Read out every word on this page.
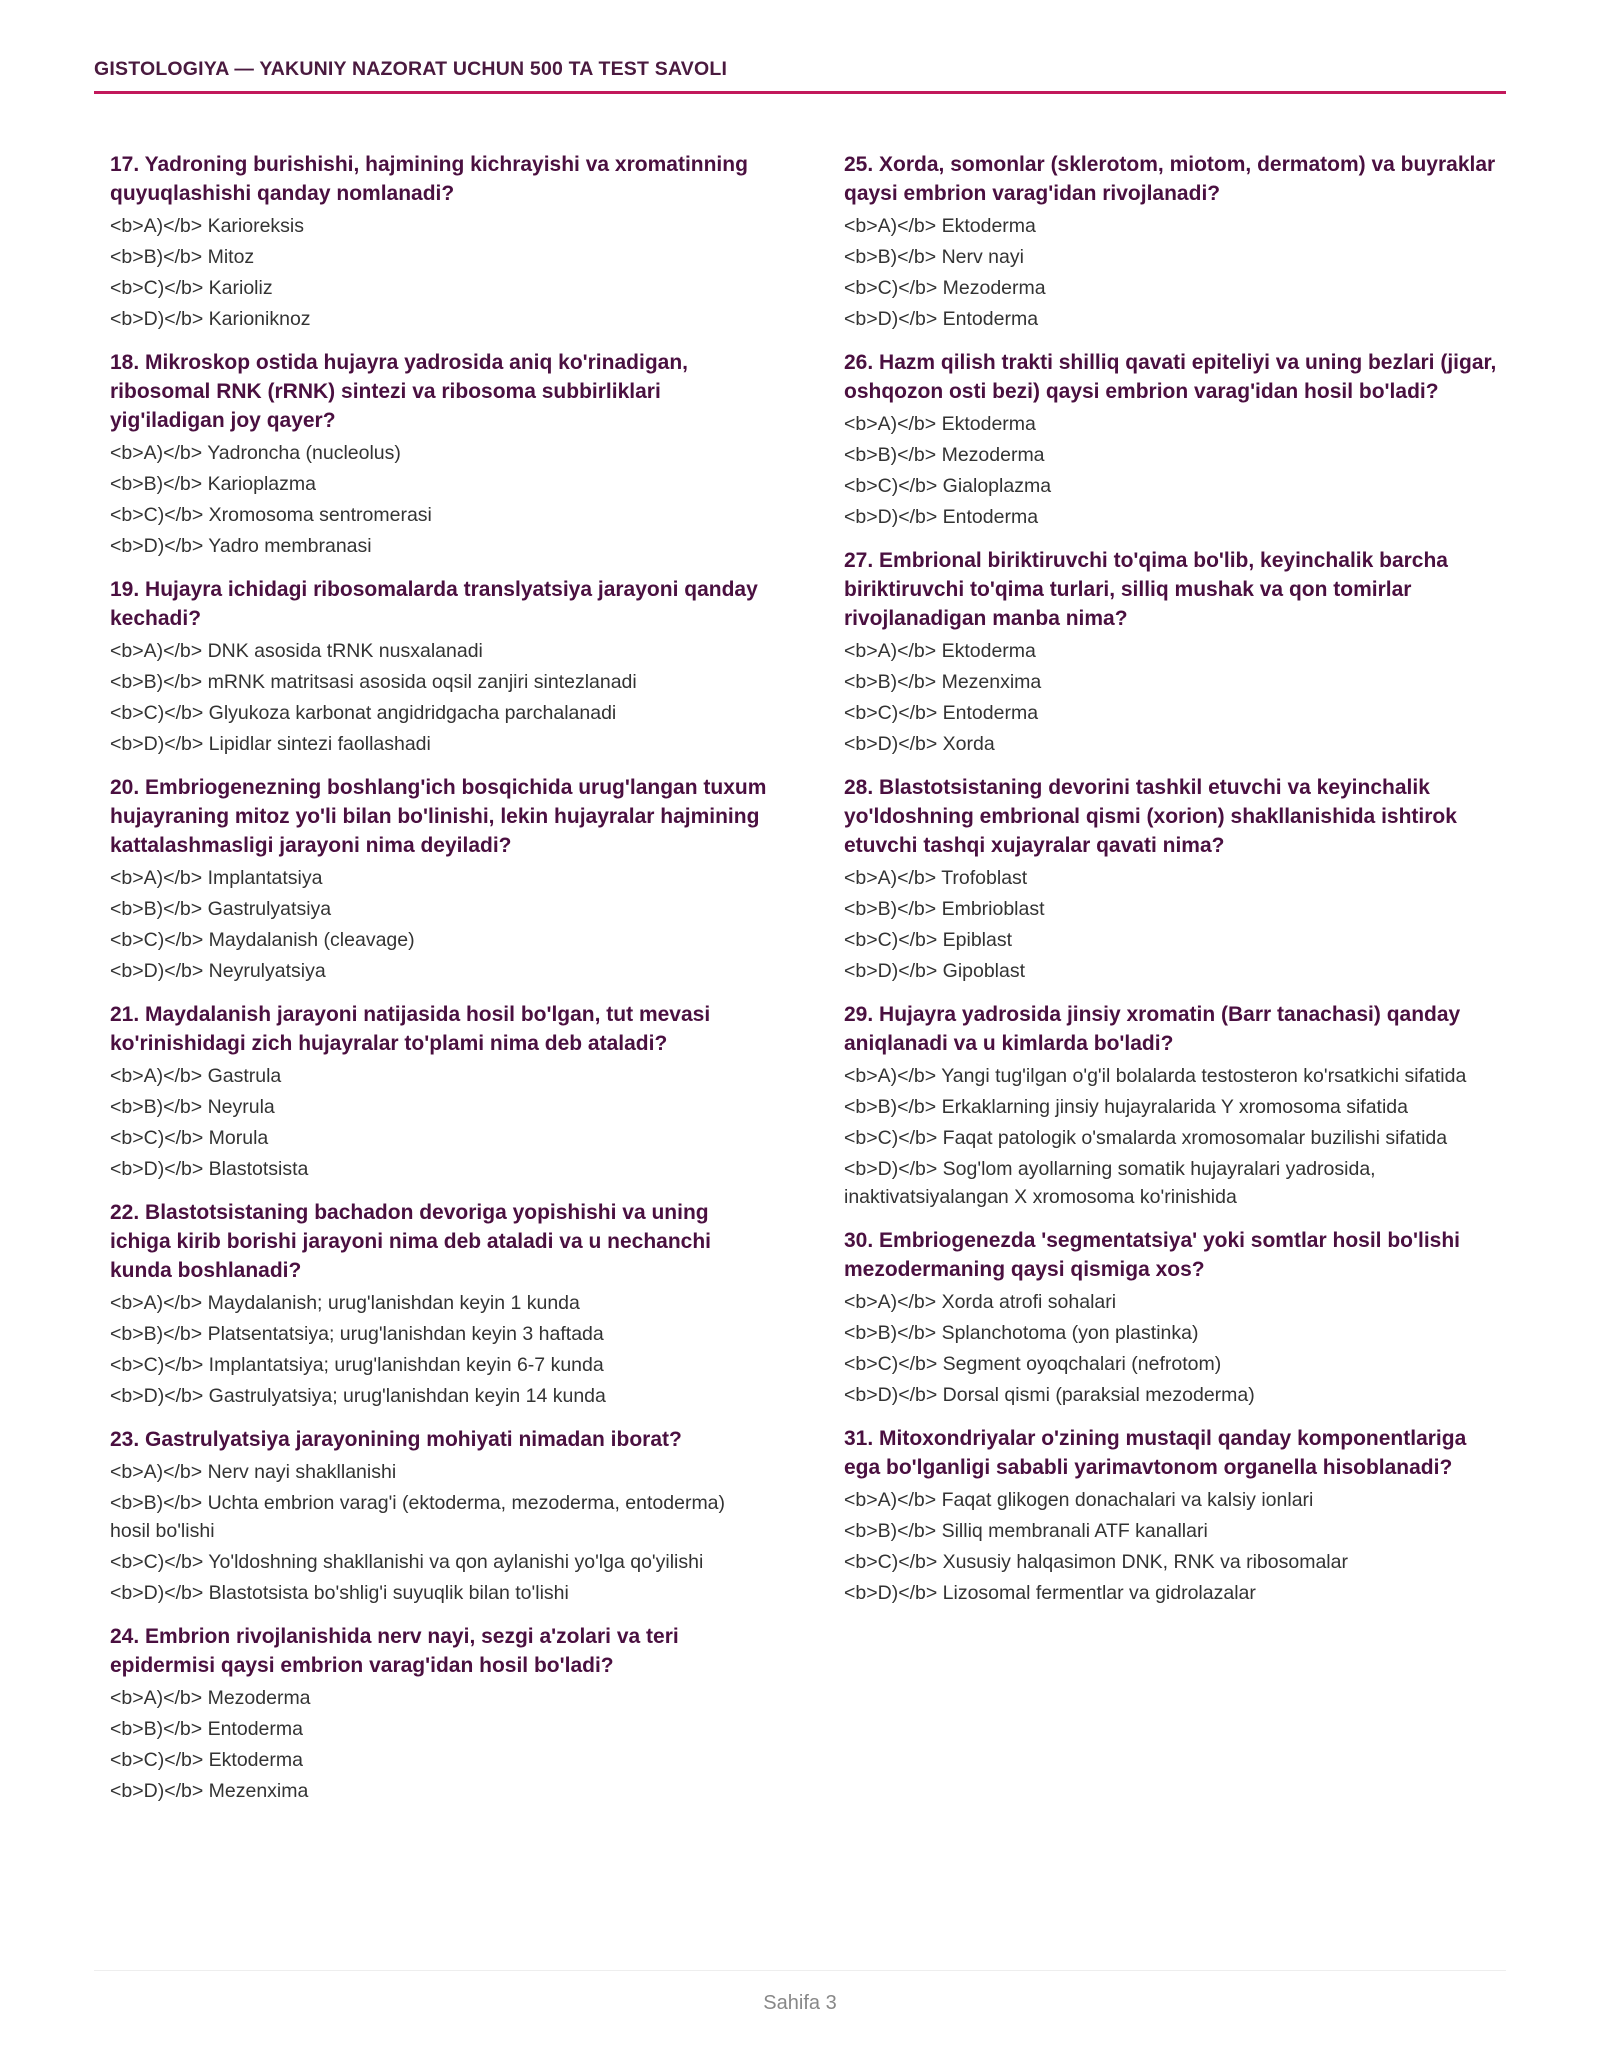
GISTOLOGIYA — YAKUNIY NAZORAT UCHUN 500 TA TEST SAVOLI
17. Yadroning burishishi, hajmining kichrayishi va xromatinning quyuqlashishi qanday nomlanadi?
<b>A)</b> Karioreksis
<b>B)</b> Mitoz
<b>C)</b> Karioliz
<b>D)</b> Karioniknoz
18. Mikroskop ostida hujayra yadrosida aniq ko'rinadigan, ribosomal RNK (rRNK) sintezi va ribosoma subbirliklari yig'iladigan joy qayer?
<b>A)</b> Yadroncha (nucleolus)
<b>B)</b> Karioplazma
<b>C)</b> Xromosoma sentromerasi
<b>D)</b> Yadro membranasi
19. Hujayra ichidagi ribosomalarda translyatsiya jarayoni qanday kechadi?
<b>A)</b> DNK asosida tRNK nusxalanadi
<b>B)</b> mRNK matritsasi asosida oqsil zanjiri sintezlanadi
<b>C)</b> Glyukoza karbonat angidridgacha parchalanadi
<b>D)</b> Lipidlar sintezi faollashadi
20. Embriogenezning boshlang'ich bosqichida urug'langan tuxum hujayraning mitoz yo'li bilan bo'linishi, lekin hujayralar hajmining kattalashmasligi jarayoni nima deyiladi?
<b>A)</b> Implantatsiya
<b>B)</b> Gastrulyatsiya
<b>C)</b> Maydalanish (cleavage)
<b>D)</b> Neyrulyatsiya
21. Maydalanish jarayoni natijasida hosil bo'lgan, tut mevasi ko'rinishidagi zich hujayralar to'plami nima deb ataladi?
<b>A)</b> Gastrula
<b>B)</b> Neyrula
<b>C)</b> Morula
<b>D)</b> Blastotsista
22. Blastotsistaning bachadon devoriga yopishishi va uning ichiga kirib borishi jarayoni nima deb ataladi va u nechanchi kunda boshlanadi?
<b>A)</b> Maydalanish; urug'lanishdan keyin 1 kunda
<b>B)</b> Platsentatsiya; urug'lanishdan keyin 3 haftada
<b>C)</b> Implantatsiya; urug'lanishdan keyin 6-7 kunda
<b>D)</b> Gastrulyatsiya; urug'lanishdan keyin 14 kunda
23. Gastrulyatsiya jarayonining mohiyati nimadan iborat?
<b>A)</b> Nerv nayi shakllanishi
<b>B)</b> Uchta embrion varag'i (ektoderma, mezoderma, entoderma) hosil bo'lishi
<b>C)</b> Yo'ldoshning shakllanishi va qon aylanishi yo'lga qo'yilishi
<b>D)</b> Blastotsista bo'shlig'i suyuqlik bilan to'lishi
24. Embrion rivojlanishida nerv nayi, sezgi a'zolari va teri epidermisi qaysi embrion varag'idan hosil bo'ladi?
<b>A)</b> Mezoderma
<b>B)</b> Entoderma
<b>C)</b> Ektoderma
<b>D)</b> Mezenxima
25. Xorda, somonlar (sklerotom, miotom, dermatom) va buyraklar qaysi embrion varag'idan rivojlanadi?
<b>A)</b> Ektoderma
<b>B)</b> Nerv nayi
<b>C)</b> Mezoderma
<b>D)</b> Entoderma
26. Hazm qilish trakti shilliq qavati epiteliyi va uning bezlari (jigar, oshqozon osti bezi) qaysi embrion varag'idan hosil bo'ladi?
<b>A)</b> Ektoderma
<b>B)</b> Mezoderma
<b>C)</b> Gialoplazma
<b>D)</b> Entoderma
27. Embrional biriktiruvchi to'qima bo'lib, keyinchalik barcha biriktiruvchi to'qima turlari, silliq mushak va qon tomirlar rivojlanadigan manba nima?
<b>A)</b> Ektoderma
<b>B)</b> Mezenxima
<b>C)</b> Entoderma
<b>D)</b> Xorda
28. Blastotsistaning devorini tashkil etuvchi va keyinchalik yo'ldoshning embrional qismi (xorion) shakllanishida ishtirok etuvchi tashqi xujayralar qavati nima?
<b>A)</b> Trofoblast
<b>B)</b> Embrioblast
<b>C)</b> Epiblast
<b>D)</b> Gipoblast
29. Hujayra yadrosida jinsiy xromatin (Barr tanachasi) qanday aniqlanadi va u kimlarda bo'ladi?
<b>A)</b> Yangi tug'ilgan o'g'il bolalarda testosteron ko'rsatkichi sifatida
<b>B)</b> Erkaklarning jinsiy hujayralarida Y xromosoma sifatida
<b>C)</b> Faqat patologik o'smalarda xromosomalar buzilishi sifatida
<b>D)</b> Sog'lom ayollarning somatik hujayralari yadrosida, inaktivatsiyalangan X xromosoma ko'rinishida
30. Embriogenezda 'segmentatsiya' yoki somtlar hosil bo'lishi mezodermaning qaysi qismiga xos?
<b>A)</b> Xorda atrofi sohalari
<b>B)</b> Splanchotoma (yon plastinka)
<b>C)</b> Segment oyoqchalari (nefrotom)
<b>D)</b> Dorsal qismi (paraksial mezoderma)
31. Mitoxondriyalar o'zining mustaqil qanday komponentlariga ega bo'lganligi sababli yarimavtonom organella hisoblanadi?
<b>A)</b> Faqat glikogen donachalari va kalsiy ionlari
<b>B)</b> Silliq membranali ATF kanallari
<b>C)</b> Xususiy halqasimon DNK, RNK va ribosomalar
<b>D)</b> Lizosomal fermentlar va gidrolazalar
Sahifa 3
